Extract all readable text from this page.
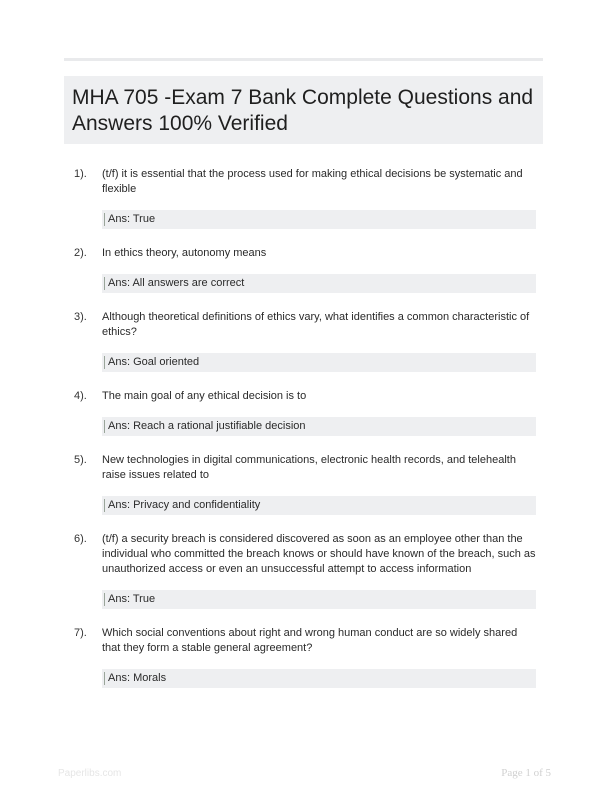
MHA 705 -Exam 7 Bank Complete Questions and Answers 100% Verified
1). (t/f) it is essential that the process used for making ethical decisions be systematic and flexible
Ans: True
2). In ethics theory, autonomy means
Ans: All answers are correct
3). Although theoretical definitions of ethics vary, what identifies a common characteristic of ethics?
Ans: Goal oriented
4). The main goal of any ethical decision is to
Ans: Reach a rational justifiable decision
5). New technologies in digital communications, electronic health records, and telehealth raise issues related to
Ans: Privacy and confidentiality
6). (t/f) a security breach is considered discovered as soon as an employee other than the individual who committed the breach knows or should have known of the breach, such as unauthorized access or even an unsuccessful attempt to access information
Ans: True
7). Which social conventions about right and wrong human conduct are so widely shared that they form a stable general agreement?
Ans: Morals
Paperlibs.com	Page 1 of 5
